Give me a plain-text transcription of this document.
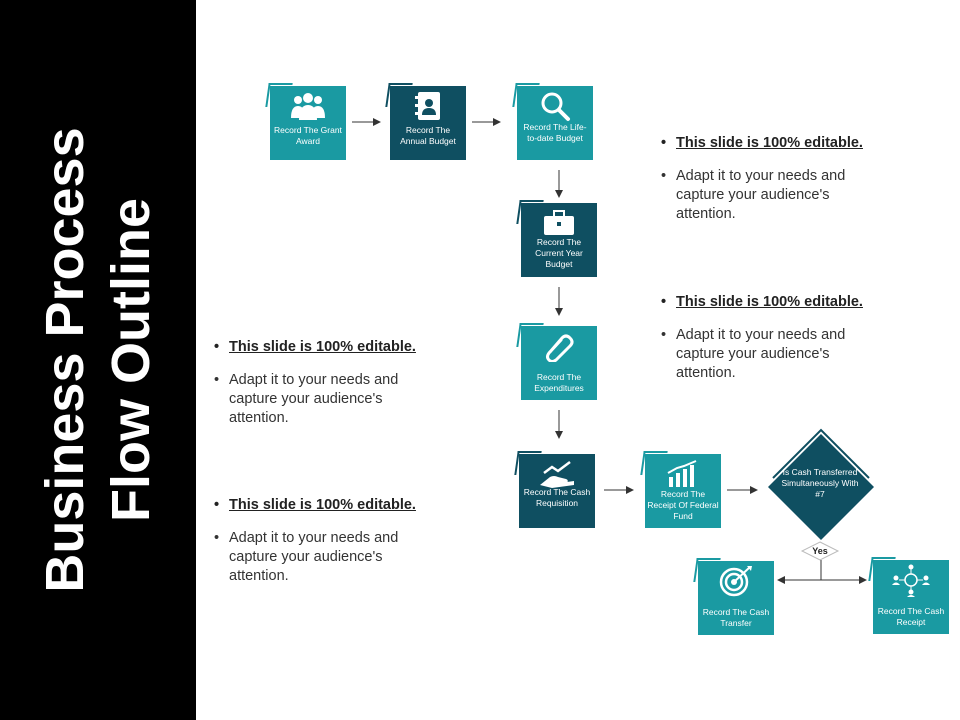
Business Process Flow Outline
Record The Grant Award
Record The Annual Budget
Record The Life-to-date Budget
Record The Current Year Budget
Record The Expenditures
Record The Cash Requisition
Record The Receipt Of Federal Fund
Is Cash Transferred Simultaneously With #7
Yes
Record The Cash Transfer
Record The Cash Receipt
• This slide is 100% editable.
• Adapt it to your needs and capture your audience's attention.
• This slide is 100% editable.
• Adapt it to your needs and capture your audience's attention.
• This slide is 100% editable.
• Adapt it to your needs and capture your audience's attention.
• This slide is 100% editable.
• Adapt it to your needs and capture your audience's attention.
